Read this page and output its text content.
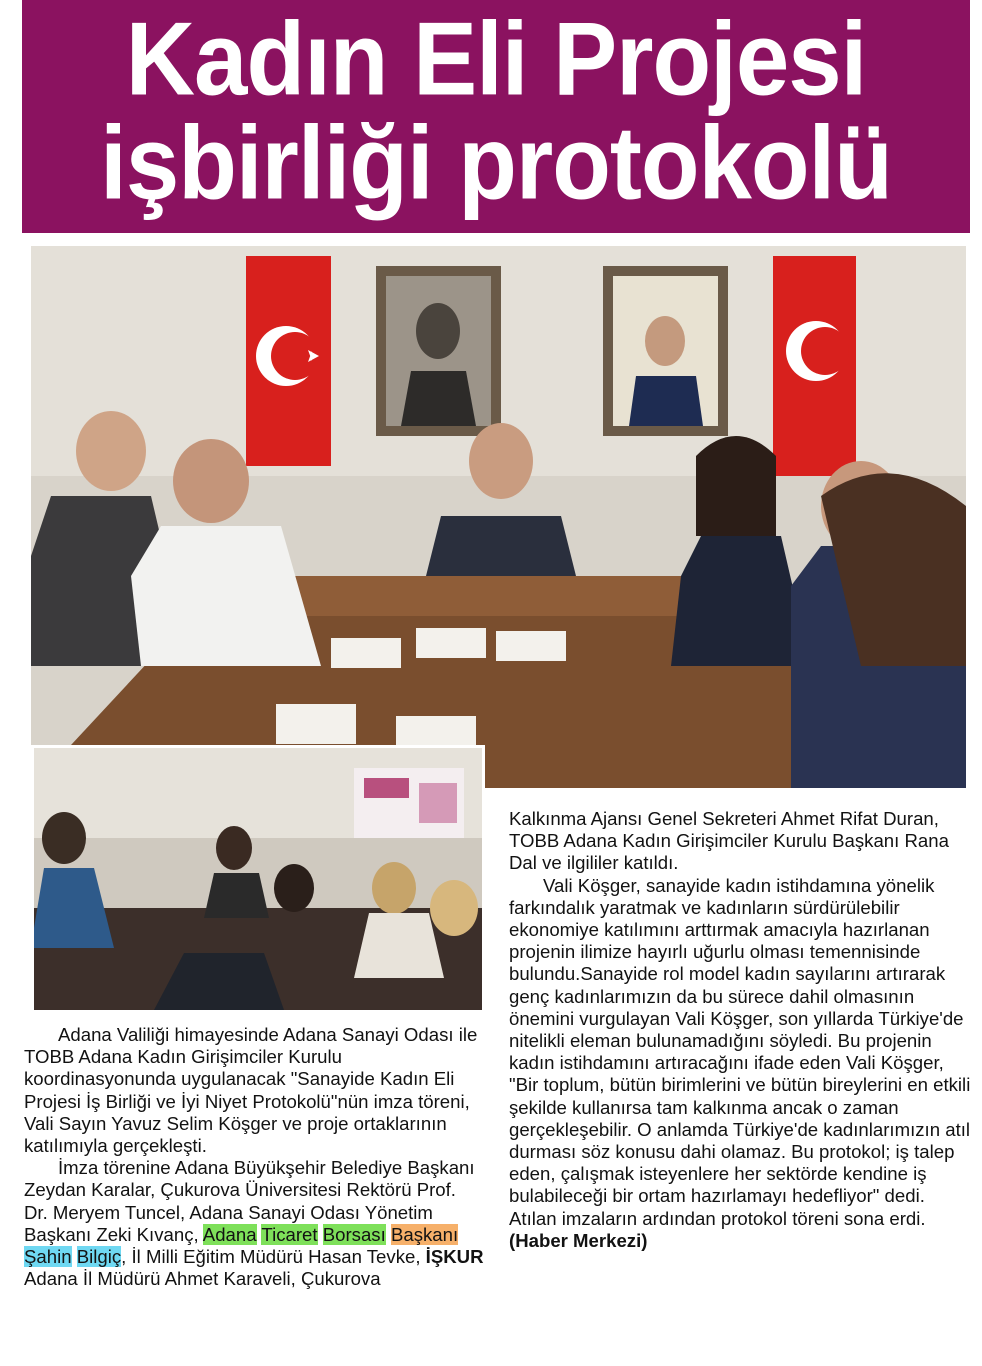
Kadın Eli Projesi
işbirliği protokolü

Adana Valiliği himayesinde Adana Sanayi Odası ile TOBB Adana Kadın Girişimciler Kurulu koordinasyonunda uygulanacak "Sanayide Kadın Eli Projesi İş Birliği ve İyi Niyet Protokolü"nün imza töreni, Vali Sayın Yavuz Selim Köşger ve proje ortaklarının katılımıyla gerçekleşti.

İmza törenine Adana Büyükşehir Belediye Başkanı Zeydan Karalar, Çukurova Üniversitesi Rektörü Prof. Dr. Meryem Tuncel, Adana Sanayi Odası Yönetim Başkanı Zeki Kıvanç, Adana Ticaret Borsası Başkanı Şahin Bilgiç, İl Milli Eğitim Müdürü Hasan Tevke, İŞKUR Adana İl Müdürü Ahmet Karaveli, Çukurova

Kalkınma Ajansı Genel Sekreteri Ahmet Rifat Duran, TOBB Adana Kadın Girişimciler Kurulu Başkanı Rana Dal ve ilgililer katıldı.

Vali Köşger, sanayide kadın istihdamına yönelik farkındalık yaratmak ve kadınların sürdürülebilir ekonomiye katılımını arttırmak amacıyla hazırlanan projenin ilimize hayırlı uğurlu olması temennisinde bulundu.Sanayide rol model kadın sayılarını artırarak genç kadınlarımızın da bu sürece dahil olmasının önemini vurgulayan Vali Köşger, son yıllarda Türkiye'de nitelikli eleman bulunamadığını söyledi. Bu projenin kadın istihdamını artıracağını ifade eden Vali Köşger, "Bir toplum, bütün birimlerini ve bütün bireylerini en etkili şekilde kullanırsa tam kalkınma ancak o zaman gerçekleşebilir. O anlamda Türkiye'de kadınlarımızın atıl durması söz konusu dahi olamaz. Bu protokol; iş talep eden, çalışmak isteyenlere her sektörde kendine iş bulabileceği bir ortam hazırlamayı hedefliyor" dedi. Atılan imzaların ardından protokol töreni sona erdi. (Haber Merkezi)
